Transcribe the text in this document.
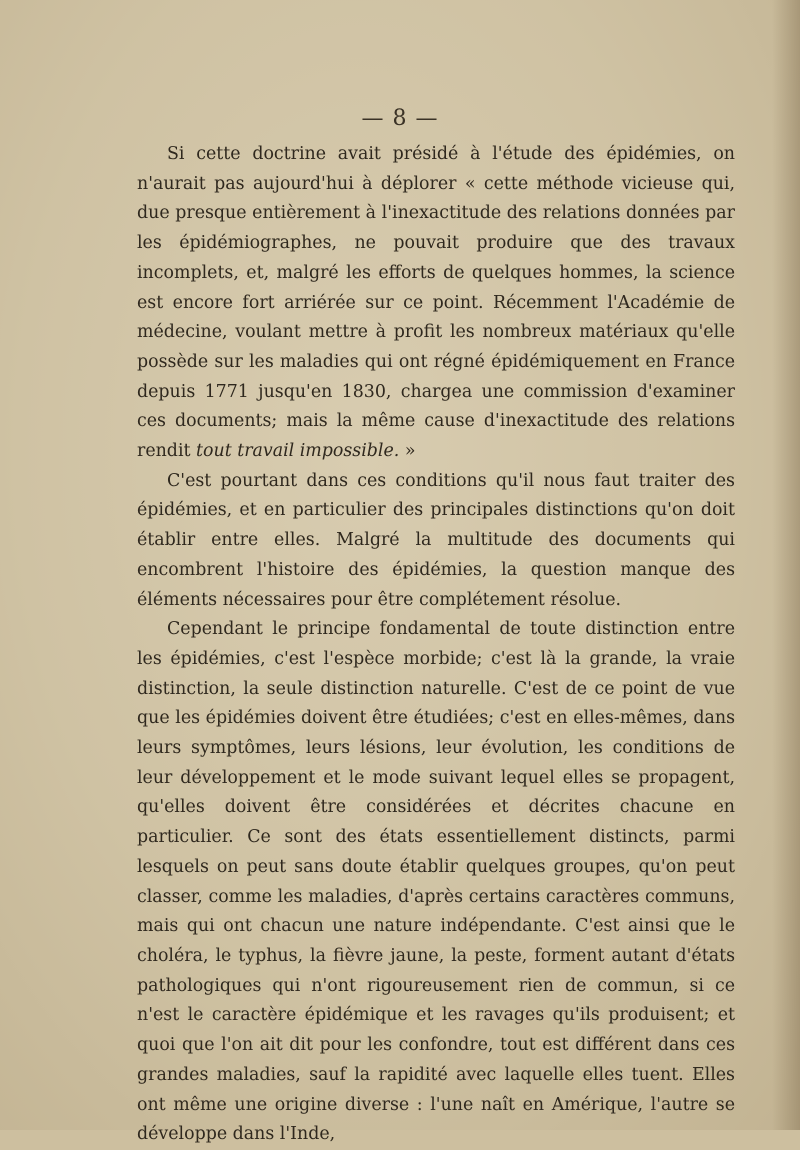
— 8 —

Si cette doctrine avait présidé à l'étude des épidémies, on n'aurait pas aujourd'hui à déplorer « cette méthode vicieuse qui, due presque entièrement à l'inexactitude des relations données par les épidémiographes, ne pouvait produire que des travaux incomplets, et, malgré les efforts de quelques hommes, la science est encore fort arriérée sur ce point. Récemment l'Académie de médecine, voulant mettre à profit les nombreux matériaux qu'elle possède sur les maladies qui ont régné épidémiquement en France depuis 1771 jusqu'en 1830, chargea une commission d'examiner ces documents; mais la même cause d'inexactitude des relations rendit tout travail impossible. »

C'est pourtant dans ces conditions qu'il nous faut traiter des épidémies, et en particulier des principales distinctions qu'on doit établir entre elles. Malgré la multitude des documents qui encombrent l'histoire des épidémies, la question manque des éléments nécessaires pour être complétement résolue.

Cependant le principe fondamental de toute distinction entre les épidémies, c'est l'espèce morbide; c'est là la grande, la vraie distinction, la seule distinction naturelle. C'est de ce point de vue que les épidémies doivent être étudiées; c'est en elles-mêmes, dans leurs symptômes, leurs lésions, leur évolution, les conditions de leur développement et le mode suivant lequel elles se propagent, qu'elles doivent être considérées et décrites chacune en particulier. Ce sont des états essentiellement distincts, parmi lesquels on peut sans doute établir quelques groupes, qu'on peut classer, comme les maladies, d'après certains caractères communs, mais qui ont chacun une nature indépendante. C'est ainsi que le choléra, le typhus, la fièvre jaune, la peste, forment autant d'états pathologiques qui n'ont rigoureusement rien de commun, si ce n'est le caractère épidémique et les ravages qu'ils produisent; et quoi que l'on ait dit pour les confondre, tout est différent dans ces grandes maladies, sauf la rapidité avec laquelle elles tuent. Elles ont même une origine diverse : l'une naît en Amérique, l'autre se développe dans l'Inde,
